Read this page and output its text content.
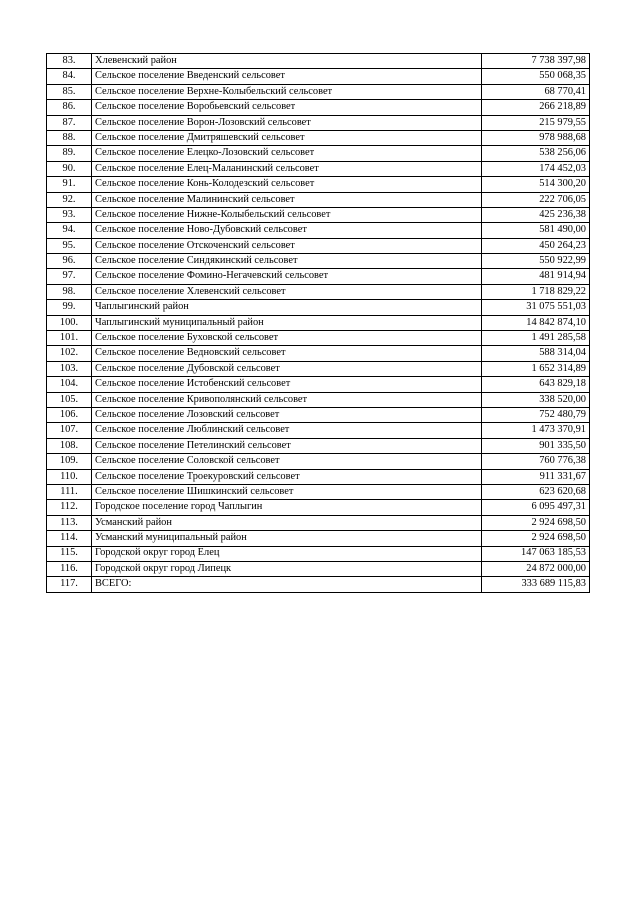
83.	Хлевенский район	7 738 397,98
84.	Сельское поселение Введенский сельсовет	550 068,35
85.	Сельское поселение Верхне-Колыбельский сельсовет	68 770,41
86.	Сельское поселение Воробьевский сельсовет	266 218,89
87.	Сельское поселение Ворон-Лозовский сельсовет	215 979,55
88.	Сельское поселение Дмитряшевский сельсовет	978 988,68
89.	Сельское поселение Елецко-Лозовский сельсовет	538 256,06
90.	Сельское поселение Елец-Маланинский сельсовет	174 452,03
91.	Сельское поселение Конь-Колодезский сельсовет	514 300,20
92.	Сельское поселение Малининский сельсовет	222 706,05
93.	Сельское поселение Нижне-Колыбельский сельсовет	425 236,38
94.	Сельское поселение Ново-Дубовский сельсовет	581 490,00
95.	Сельское поселение Отскоченский сельсовет	450 264,23
96.	Сельское поселение Синдякинский сельсовет	550 922,99
97.	Сельское поселение Фомино-Негачевский сельсовет	481 914,94
98.	Сельское поселение Хлевенский сельсовет	1 718 829,22
99.	Чаплыгинский район	31 075 551,03
100.	Чаплыгинский муниципальный район	14 842 874,10
101.	Сельское поселение Буховской сельсовет	1 491 285,58
102.	Сельское поселение Ведновский сельсовет	588 314,04
103.	Сельское поселение Дубовской сельсовет	1 652 314,89
104.	Сельское поселение Истобенский сельсовет	643 829,18
105.	Сельское поселение Кривополянский сельсовет	338 520,00
106.	Сельское поселение Лозовский сельсовет	752 480,79
107.	Сельское поселение Люблинский сельсовет	1 473 370,91
108.	Сельское поселение Петелинский сельсовет	901 335,50
109.	Сельское поселение Соловской сельсовет	760 776,38
110.	Сельское поселение Троекуровский сельсовет	911 331,67
111.	Сельское поселение Шишкинский сельсовет	623 620,68
112.	Городское поселение город Чаплыгин	6 095 497,31
113.	Усманский район	2 924 698,50
114.	Усманский муниципальный район	2 924 698,50
115.	Городской округ город Елец	147 063 185,53
116.	Городской округ город Липецк	24 872 000,00
117.	ВСЕГО:	333 689 115,83
